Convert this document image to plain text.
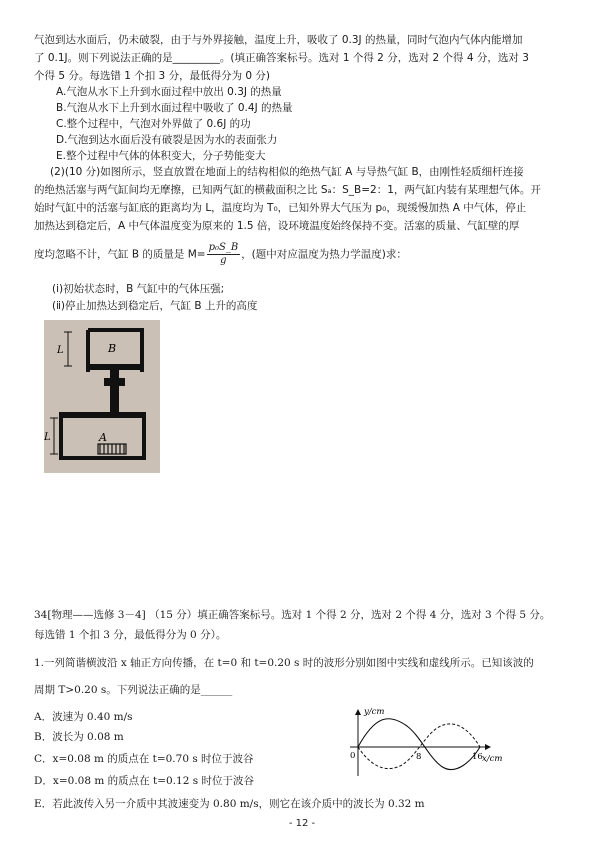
气泡到达水面后，仍未破裂，由于与外界接触，温度上升，吸收了 0.3J 的热量，同时气泡内气体内能增加
了 0.1J。则下列说法正确的是_________。(填正确答案标号。选对 1 个得 2 分，选对 2 个得 4 分，选对 3
个得 5 分。每选错 1 个扣 3 分，最低得分为 0 分)
A.气泡从水下上升到水面过程中放出 0.3J 的热量
B.气泡从水下上升到水面过程中吸收了 0.4J 的热量
C.整个过程中，气泡对外界做了 0.6J 的功
D.气泡到达水面后没有破裂是因为水的表面张力
E.整个过程中气体的体积变大，分子势能变大
(2)(10 分)如图所示，竖直放置在地面上的结构相似的绝热气缸 A 与导热气缸 B，由刚性轻质细杆连接
的绝热活塞与两气缸间均无摩擦，已知两气缸的横截面积之比 Sₐ：S_B=2：1，两气缸内装有某理想气体。开
始时气缸中的活塞与缸底的距离均为 L，温度均为 T₀，已知外界大气压为 p₀，现缓慢加热 A 中气体，停止
加热达到稳定后，A 中气体温度变为原来的 1.5 倍，设环境温度始终保持不变。活塞的质量、气缸壁的厚
度均忽略不计，气缸 B 的质量是 $M= \frac{\text{p₀S\_B}}{g}$ ，(题中对应温度为热力学温度)求：
(ⅰ)初始状态时，B 气缸中的气体压强;
(ⅱ)停止加热达到稳定后，气缸 B 上升的高度
L
L
B
A
34[物理——选修 3－4] （15 分）填正确答案标号。选对 1 个得 2 分，选对 2 个得 4 分，选对 3 个得 5 分。
每选错 1 个扣 3 分，最低得分为 0 分）。
1.一列简谐横波沿 x 轴正方向传播，在 t=0 和 t=0.20 s 时的波形分别如图中实线和虚线所示。已知该波的
周期 T>0.20 s。下列说法正确的是______
A．波速为 0.40 m/s
B．波长为 0.08 m
C．x=0.08 m 的质点在 t=0.70 s 时位于波谷
D．x=0.08 m 的质点在 t=0.12 s 时位于波谷
E．若此波传入另一介质中其波速变为 0.80 m/s，则它在该介质中的波长为 0.32 m
y/cm
x/cm
0	8	16
- 12 -
